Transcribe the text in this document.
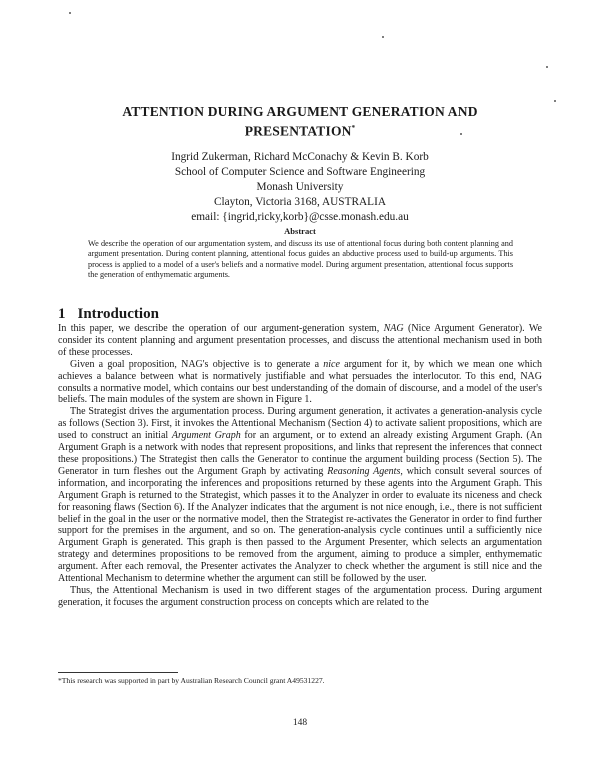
ATTENTION DURING ARGUMENT GENERATION AND
PRESENTATION*
Ingrid Zukerman, Richard McConachy & Kevin B. Korb
School of Computer Science and Software Engineering
Monash University
Clayton, Victoria 3168, AUSTRALIA
email: {ingrid,ricky,korb}@csse.monash.edu.au
Abstract
We describe the operation of our argumentation system, and discuss its use of attentional focus during both content planning and argument presentation. During content planning, attentional focus guides an abductive process used to build-up arguments. This process is applied to a model of a user's beliefs and a normative model. During argument presentation, attentional focus supports the generation of enthymematic arguments.
1 Introduction

In this paper, we describe the operation of our argument-generation system, NAG (Nice Argument Generator). We consider its content planning and argument presentation processes, and discuss the attentional mechanism used in both of these processes.

Given a goal proposition, NAG's objective is to generate a nice argument for it, by which we mean one which achieves a balance between what is normatively justifiable and what persuades the interlocutor. To this end, NAG consults a normative model, which contains our best understanding of the domain of discourse, and a model of the user's beliefs. The main modules of the system are shown in Figure 1.

The Strategist drives the argumentation process. During argument generation, it activates a generation-analysis cycle as follows (Section 3). First, it invokes the Attentional Mechanism (Section 4) to activate salient propositions, which are used to construct an initial Argument Graph for an argument, or to extend an already existing Argument Graph. (An Argument Graph is a network with nodes that represent propositions, and links that represent the inferences that connect these propositions.) The Strategist then calls the Generator to continue the argument building process (Section 5). The Generator in turn fleshes out the Argument Graph by activating Reasoning Agents, which consult several sources of information, and incorporating the inferences and propositions returned by these agents into the Argument Graph. This Argument Graph is returned to the Strategist, which passes it to the Analyzer in order to evaluate its niceness and check for reasoning flaws (Section 6). If the Analyzer indicates that the argument is not nice enough, i.e., there is not sufficient belief in the goal in the user or the normative model, then the Strategist re-activates the Generator in order to find further support for the premises in the argument, and so on. The generation-analysis cycle continues until a sufficiently nice Argument Graph is generated. This graph is then passed to the Argument Presenter, which selects an argumentation strategy and determines propositions to be removed from the argument, aiming to produce a simpler, enthymematic argument. After each removal, the Presenter activates the Analyzer to check whether the argument is still nice and the Attentional Mechanism to determine whether the argument can still be followed by the user.

Thus, the Attentional Mechanism is used in two different stages of the argumentation process. During argument generation, it focuses the argument construction process on concepts which are related to the

*This research was supported in part by Australian Research Council grant A49531227.
148
